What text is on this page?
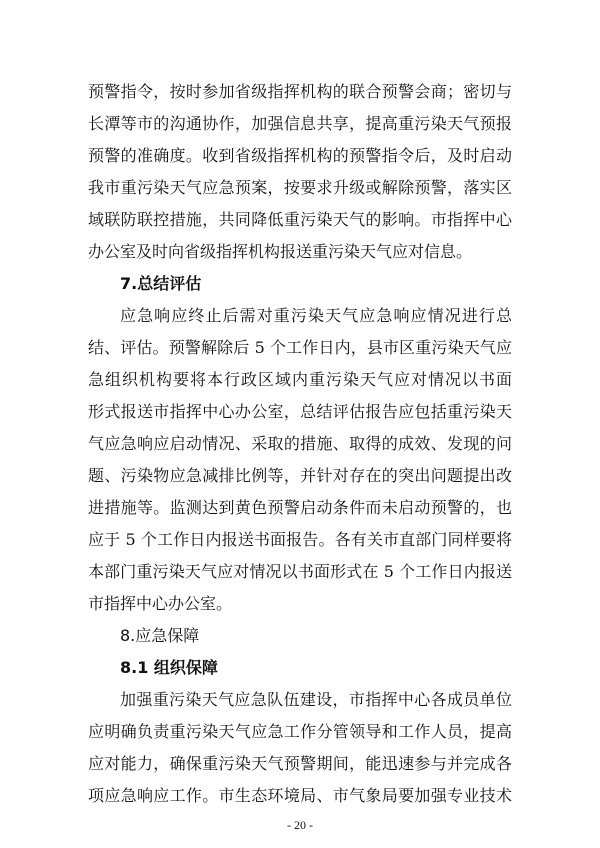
预警指令，按时参加省级指挥机构的联合预警会商；密切与
长潭等市的沟通协作，加强信息共享，提高重污染天气预报
预警的准确度。收到省级指挥机构的预警指令后，及时启动
我市重污染天气应急预案，按要求升级或解除预警，落实区
域联防联控措施，共同降低重污染天气的影响。市指挥中心
办公室及时向省级指挥机构报送重污染天气应对信息。
7.总结评估
应急响应终止后需对重污染天气应急响应情况进行总
结、评估。预警解除后 5 个工作日内，县市区重污染天气应
急组织机构要将本行政区域内重污染天气应对情况以书面
形式报送市指挥中心办公室，总结评估报告应包括重污染天
气应急响应启动情况、采取的措施、取得的成效、发现的问
题、污染物应急减排比例等，并针对存在的突出问题提出改
进措施等。监测达到黄色预警启动条件而未启动预警的，也
应于 5 个工作日内报送书面报告。各有关市直部门同样要将
本部门重污染天气应对情况以书面形式在 5 个工作日内报送
市指挥中心办公室。
8.应急保障
8.1 组织保障
加强重污染天气应急队伍建设，市指挥中心各成员单位
应明确负责重污染天气应急工作分管领导和工作人员，提高
应对能力，确保重污染天气预警期间，能迅速参与并完成各
项应急响应工作。市生态环境局、市气象局要加强专业技术
- 20 -
